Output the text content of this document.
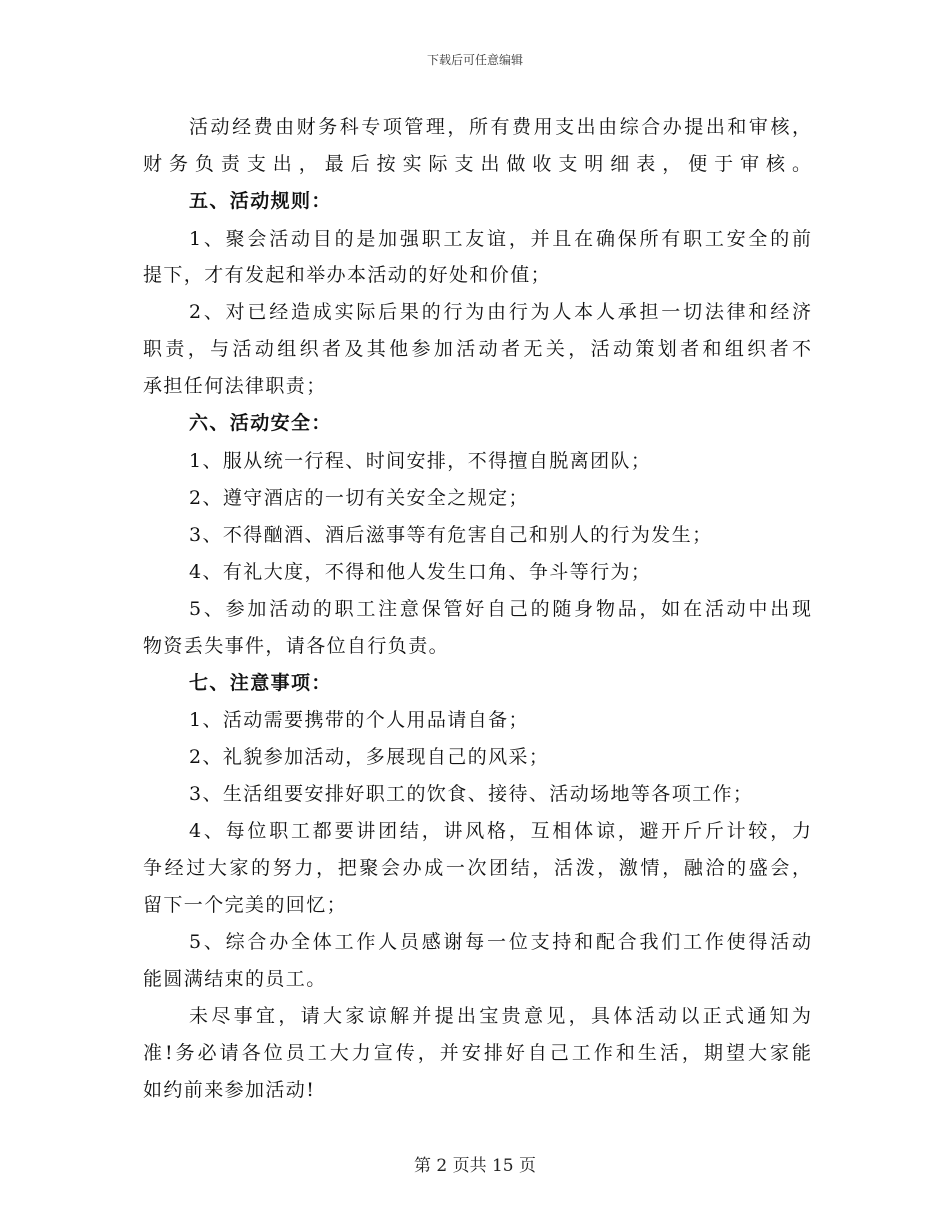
下载后可任意编辑
活动经费由财务科专项管理，所有费用支出由综合办提出和审核，
财务负责支出，最后按实际支出做收支明细表，便于审核。
五、活动规则：
1、聚会活动目的是加强职工友谊，并且在确保所有职工安全的前
提下，才有发起和举办本活动的好处和价值；
2、对已经造成实际后果的行为由行为人本人承担一切法律和经济
职责，与活动组织者及其他参加活动者无关，活动策划者和组织者不
承担任何法律职责；
六、活动安全：
1、服从统一行程、时间安排，不得擅自脱离团队；
2、遵守酒店的一切有关安全之规定；
3、不得酗酒、酒后滋事等有危害自己和别人的行为发生；
4、有礼大度，不得和他人发生口角、争斗等行为；
5、参加活动的职工注意保管好自己的随身物品，如在活动中出现
物资丢失事件，请各位自行负责。
七、注意事项：
1、活动需要携带的个人用品请自备；
2、礼貌参加活动，多展现自己的风采；
3、生活组要安排好职工的饮食、接待、活动场地等各项工作；
4、每位职工都要讲团结，讲风格，互相体谅，避开斤斤计较，力
争经过大家的努力，把聚会办成一次团结，活泼，激情，融洽的盛会，
留下一个完美的回忆；
5、综合办全体工作人员感谢每一位支持和配合我们工作使得活动
能圆满结束的员工。
未尽事宜，请大家谅解并提出宝贵意见，具体活动以正式通知为
准!务必请各位员工大力宣传，并安排好自己工作和生活，期望大家能
如约前来参加活动!
第 2 页共 15 页
